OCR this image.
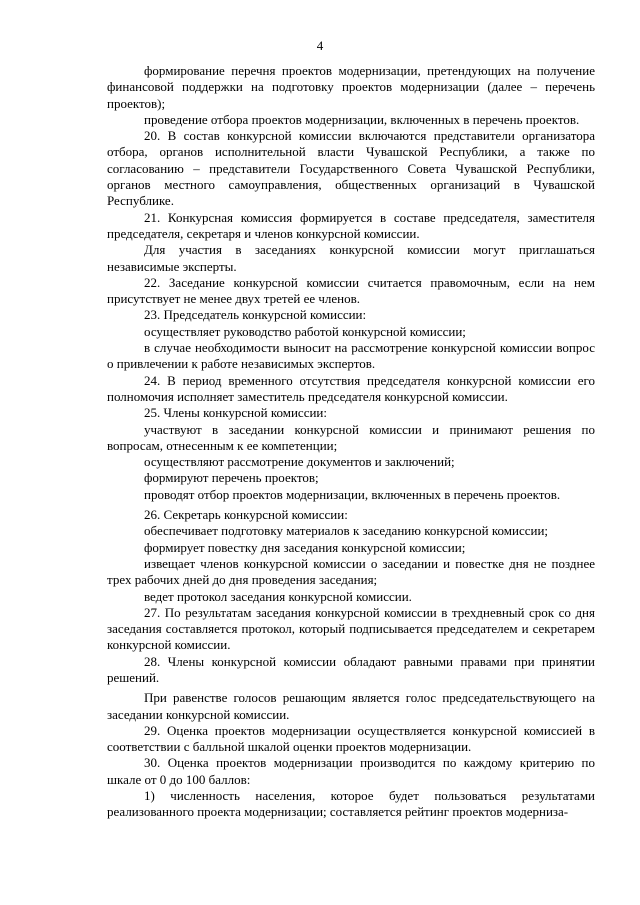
4

формирование перечня проектов модернизации, претендующих на получение финансовой поддержки на подготовку проектов модернизации (далее – перечень проектов);

проведение отбора проектов модернизации, включенных в перечень проектов.

20. В состав конкурсной комиссии включаются представители организатора отбора, органов исполнительной власти Чувашской Республики, а также по согласованию – представители Государственного Совета Чувашской Республики, органов местного самоуправления, общественных организаций в Чувашской Республике.

21. Конкурсная комиссия формируется в составе председателя, заместителя председателя, секретаря и членов конкурсной комиссии.

Для участия в заседаниях конкурсной комиссии могут приглашаться независимые эксперты.

22. Заседание конкурсной комиссии считается правомочным, если на нем присутствует не менее двух третей ее членов.

23. Председатель конкурсной комиссии:

осуществляет руководство работой конкурсной комиссии;

в случае необходимости выносит на рассмотрение конкурсной комиссии вопрос о привлечении к работе независимых экспертов.

24. В период временного отсутствия председателя конкурсной комиссии его полномочия исполняет заместитель председателя конкурсной комиссии.

25. Члены конкурсной комиссии:

участвуют в заседании конкурсной комиссии и принимают решения по вопросам, отнесенным к ее компетенции;

осуществляют рассмотрение документов и заключений;

формируют перечень проектов;

проводят отбор проектов модернизации, включенных в перечень проектов.

26. Секретарь конкурсной комиссии:

обеспечивает подготовку материалов к заседанию конкурсной комиссии;

формирует повестку дня заседания конкурсной комиссии;

извещает членов конкурсной комиссии о заседании и повестке дня не позднее трех рабочих дней до дня проведения заседания;

ведет протокол заседания конкурсной комиссии.

27. По результатам заседания конкурсной комиссии в трехдневный срок со дня заседания составляется протокол, который подписывается председателем и секретарем конкурсной комиссии.

28. Члены конкурсной комиссии обладают равными правами при принятии решений.

При равенстве голосов решающим является голос председательствующего на заседании конкурсной комиссии.

29. Оценка проектов модернизации осуществляется конкурсной комиссией в соответствии с балльной шкалой оценки проектов модернизации.

30. Оценка проектов модернизации производится по каждому критерию по шкале от 0 до 100 баллов:

1) численность населения, которое будет пользоваться результатами реализованного проекта модернизации; составляется рейтинг проектов модерниза-
